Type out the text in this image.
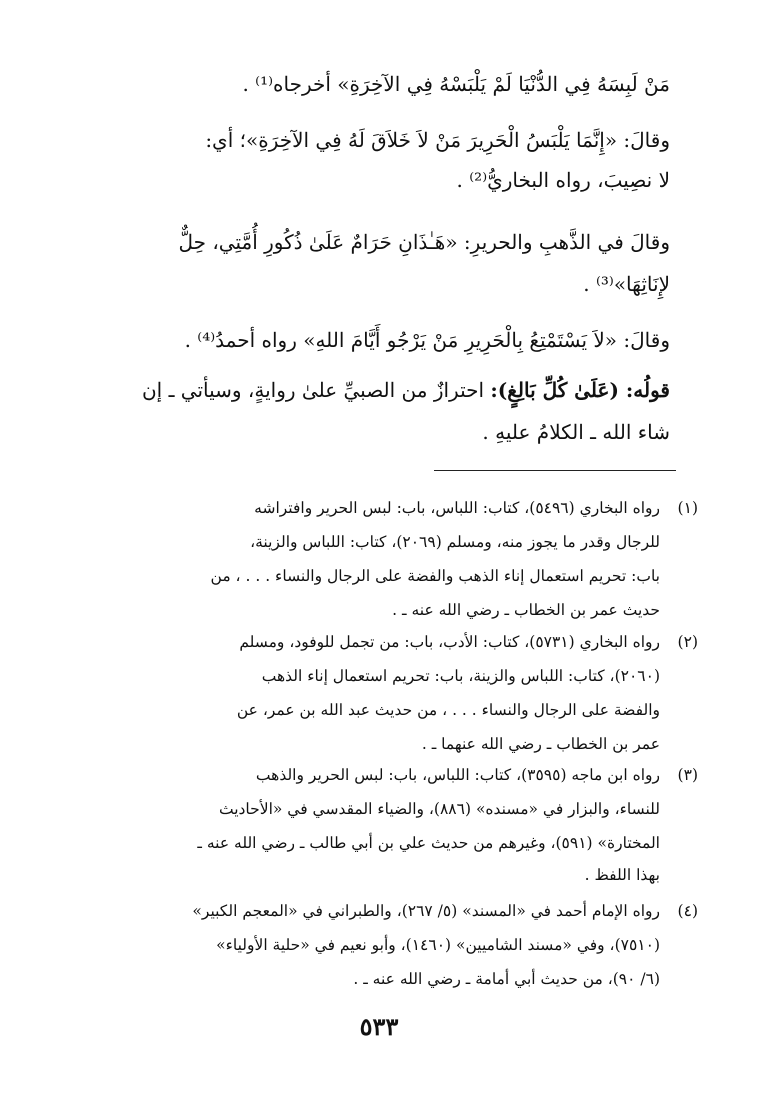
مَنْ لَبِسَهُ فِي الدُّنْيَا لَمْ يَلْبَسْهُ فِي الآخِرَةِ» أخرجاه⁽¹⁾ .
وقالَ: «إِنَّمَا يَلْبَسُ الْحَرِيرَ مَنْ لاَ خَلاَقَ لَهُ فِي الآخِرَةِ»؛ أي:
لا نصِيبَ، رواه البخاريُّ⁽²⁾ .
وقالَ في الذَّهبِ والحريرِ: «هَـٰذَانِ حَرَامٌ عَلَىٰ ذُكُورِ أُمَّتِي، حِلٌّ
لإِنَاثِهَا»⁽³⁾ .
وقالَ: «لاَ يَسْتَمْتِعُ بِالْحَرِيرِ مَنْ يَرْجُو أَيَّامَ اللهِ» رواه أحمدُ⁽⁴⁾ .
قولُه: (عَلَىٰ كُلِّ بَالِغٍ): احترازٌ من الصبيِّ علىٰ روايةٍ، وسيأتي ـ إن
شاء الله ـ الكلامُ عليهِ .
(١)
رواه البخاري (٥٤٩٦)، كتاب: اللباس، باب: لبس الحرير وافتراشه
للرجال وقدر ما يجوز منه، ومسلم (٢٠٦٩)، كتاب: اللباس والزينة،
باب: تحريم استعمال إناء الذهب والفضة على الرجال والنساء . . . ، من
حديث عمر بن الخطاب ـ رضي الله عنه ـ .
(٢)
رواه البخاري (٥٧٣١)، كتاب: الأدب، باب: من تجمل للوفود، ومسلم
(٢٠٦٠)، كتاب: اللباس والزينة، باب: تحريم استعمال إناء الذهب
والفضة على الرجال والنساء . . . ، من حديث عبد الله بن عمر، عن
عمر بن الخطاب ـ رضي الله عنهما ـ .
(٣)
رواه ابن ماجه (٣٥٩٥)، كتاب: اللباس، باب: لبس الحرير والذهب
للنساء، والبزار في «مسنده» (٨٨٦)، والضياء المقدسي في «الأحاديث
المختارة» (٥٩١)، وغيرهم من حديث علي بن أبي طالب ـ رضي الله عنه ـ
بهذا اللفظ .
(٤)
رواه الإمام أحمد في «المسند» (٥/ ٢٦٧)، والطبراني في «المعجم الكبير»
(٧٥١٠)، وفي «مسند الشاميين» (١٤٦٠)، وأبو نعيم في «حلية الأولياء»
(٦/ ٩٠)، من حديث أبي أمامة ـ رضي الله عنه ـ .
٥٣٣
